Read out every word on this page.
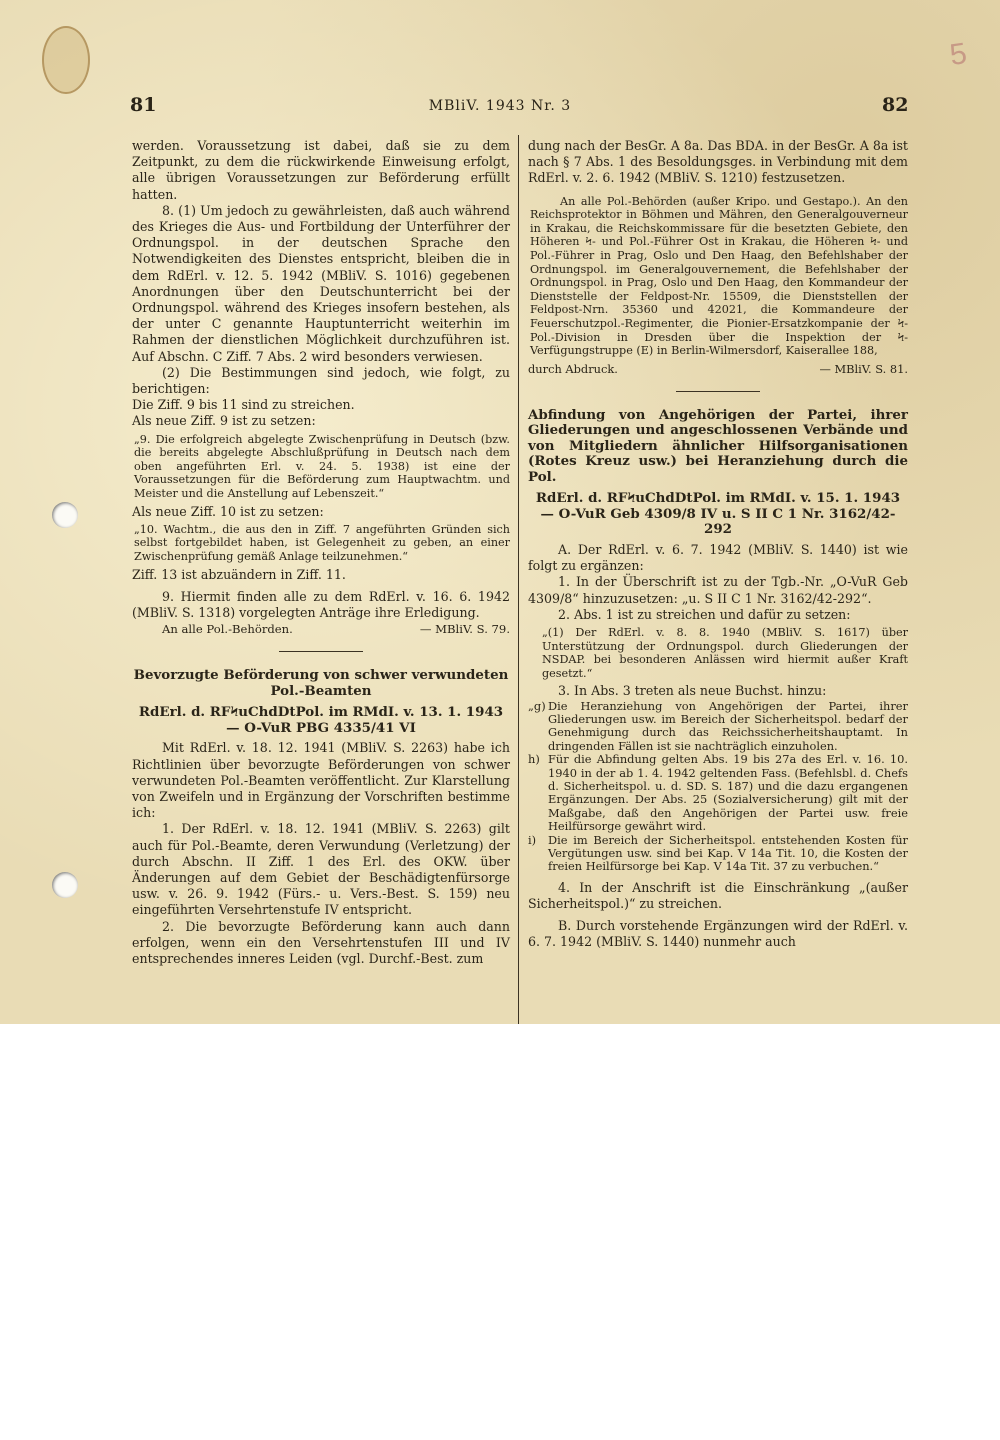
5
81	MBliV. 1943 Nr. 3	82

werden. Voraussetzung ist dabei, daß sie zu dem Zeitpunkt, zu dem die rückwirkende Einweisung erfolgt, alle übrigen Voraussetzungen zur Beförderung erfüllt hatten.

8. (1) Um jedoch zu gewährleisten, daß auch während des Krieges die Aus- und Fortbildung der Unterführer der Ordnungspol. in der deutschen Sprache den Notwendigkeiten des Dienstes entspricht, bleiben die in dem RdErl. v. 12. 5. 1942 (MBliV. S. 1016) gegebenen Anordnungen über den Deutschunterricht bei der Ordnungspol. während des Krieges insofern bestehen, als der unter C genannte Hauptunterricht weiterhin im Rahmen der dienstlichen Möglichkeit durchzuführen ist. Auf Abschn. C Ziff. 7 Abs. 2 wird besonders verwiesen.

(2) Die Bestimmungen sind jedoch, wie folgt, zu berichtigen:

Die Ziff. 9 bis 11 sind zu streichen.

Als neue Ziff. 9 ist zu setzen:

„9. Die erfolgreich abgelegte Zwischenprüfung in Deutsch (bzw. die bereits abgelegte Abschlußprüfung in Deutsch nach dem oben angeführten Erl. v. 24. 5. 1938) ist eine der Voraussetzungen für die Beförderung zum Hauptwachtm. und Meister und die Anstellung auf Lebenszeit.“

Als neue Ziff. 10 ist zu setzen:

„10. Wachtm., die aus den in Ziff. 7 angeführten Gründen sich selbst fortgebildet haben, ist Gelegenheit zu geben, an einer Zwischenprüfung gemäß Anlage teilzunehmen.“

Ziff. 13 ist abzuändern in Ziff. 11.

9. Hiermit finden alle zu dem RdErl. v. 16. 6. 1942 (MBliV. S. 1318) vorgelegten Anträge ihre Erledigung.

An alle Pol.-Behörden.	— MBliV. S. 79.

Bevorzugte Beförderung von schwer verwundeten Pol.-Beamten

RdErl. d. RFϞuChdDtPol. im RMdI. v. 13. 1. 1943 — O-VuR PBG 4335/41 VI

Mit RdErl. v. 18. 12. 1941 (MBliV. S. 2263) habe ich Richtlinien über bevorzugte Beförderungen von schwer verwundeten Pol.-Beamten veröffentlicht. Zur Klarstellung von Zweifeln und in Ergänzung der Vorschriften bestimme ich:

1. Der RdErl. v. 18. 12. 1941 (MBliV. S. 2263) gilt auch für Pol.-Beamte, deren Verwundung (Verletzung) der durch Abschn. II Ziff. 1 des Erl. des OKW. über Änderungen auf dem Gebiet der Beschädigtenfürsorge usw. v. 26. 9. 1942 (Fürs.- u. Vers.-Best. S. 159) neu eingeführten Versehrtenstufe IV entspricht.

2. Die bevorzugte Beförderung kann auch dann erfolgen, wenn ein den Versehrtenstufen III und IV entsprechendes inneres Leiden (vgl. Durchf.-Best. zum

dung nach der BesGr. A 8a. Das BDA. in der BesGr. A 8a ist nach § 7 Abs. 1 des Besoldungsges. in Verbindung mit dem RdErl. v. 2. 6. 1942 (MBliV. S. 1210) festzusetzen.

An alle Pol.-Behörden (außer Kripo. und Gestapo.). An den Reichsprotektor in Böhmen und Mähren, den Generalgouverneur in Krakau, die Reichskommissare für die besetzten Gebiete, den Höheren Ϟ- und Pol.-Führer Ost in Krakau, die Höheren Ϟ- und Pol.-Führer in Prag, Oslo und Den Haag, den Befehlshaber der Ordnungspol. im Generalgouvernement, die Befehlshaber der Ordnungspol. in Prag, Oslo und Den Haag, den Kommandeur der Dienststelle der Feldpost-Nr. 15509, die Dienststellen der Feldpost-Nrn. 35360 und 42021, die Kommandeure der Feuerschutzpol.-Regimenter, die Pionier-Ersatzkompanie der Ϟ-Pol.-Division in Dresden über die Inspektion der Ϟ-Verfügungstruppe (E) in Berlin-Wilmersdorf, Kaiserallee 188,

durch Abdruck.	— MBliV. S. 81.

Abfindung von Angehörigen der Partei, ihrer Gliederungen und angeschlossenen Verbände und von Mitgliedern ähnlicher Hilfsorganisationen (Rotes Kreuz usw.) bei Heranziehung durch die Pol.

RdErl. d. RFϞuChdDtPol. im RMdI. v. 15. 1. 1943 — O-VuR Geb 4309/8 IV u. S II C 1 Nr. 3162/42-292

A. Der RdErl. v. 6. 7. 1942 (MBliV. S. 1440) ist wie folgt zu ergänzen:

1. In der Überschrift ist zu der Tgb.-Nr. „O-VuR Geb 4309/8“ hinzuzusetzen: „u. S II C 1 Nr. 3162/42-292“.

2. Abs. 1 ist zu streichen und dafür zu setzen:

„(1) Der RdErl. v. 8. 8. 1940 (MBliV. S. 1617) über Unterstützung der Ordnungspol. durch Gliederungen der NSDAP. bei besonderen Anlässen wird hiermit außer Kraft gesetzt.“

3. In Abs. 3 treten als neue Buchst. hinzu:

„g) Die Heranziehung von Angehörigen der Partei, ihrer Gliederungen usw. im Bereich der Sicherheitspol. bedarf der Genehmigung durch das Reichssicherheitshauptamt. In dringenden Fällen ist sie nachträglich einzuholen.
h) Für die Abfindung gelten Abs. 19 bis 27a des Erl. v. 16. 10. 1940 in der ab 1. 4. 1942 geltenden Fass. (Befehlsbl. d. Chefs d. Sicherheitspol. u. d. SD. S. 187) und die dazu ergangenen Ergänzungen. Der Abs. 25 (Sozialversicherung) gilt mit der Maßgabe, daß den Angehörigen der Partei usw. freie Heilfürsorge gewährt wird.
i)	Die im Bereich der Sicherheitspol. entstehenden Kosten für Vergütungen usw. sind bei Kap. V 14a Tit. 10, die Kosten der freien Heilfürsorge bei Kap. V 14a Tit. 37 zu verbuchen.“

4. In der Anschrift ist die Einschränkung „(außer Sicherheitspol.)“ zu streichen.

B. Durch vorstehende Ergänzungen wird der RdErl. v. 6. 7. 1942 (MBliV. S. 1440) nunmehr auch
